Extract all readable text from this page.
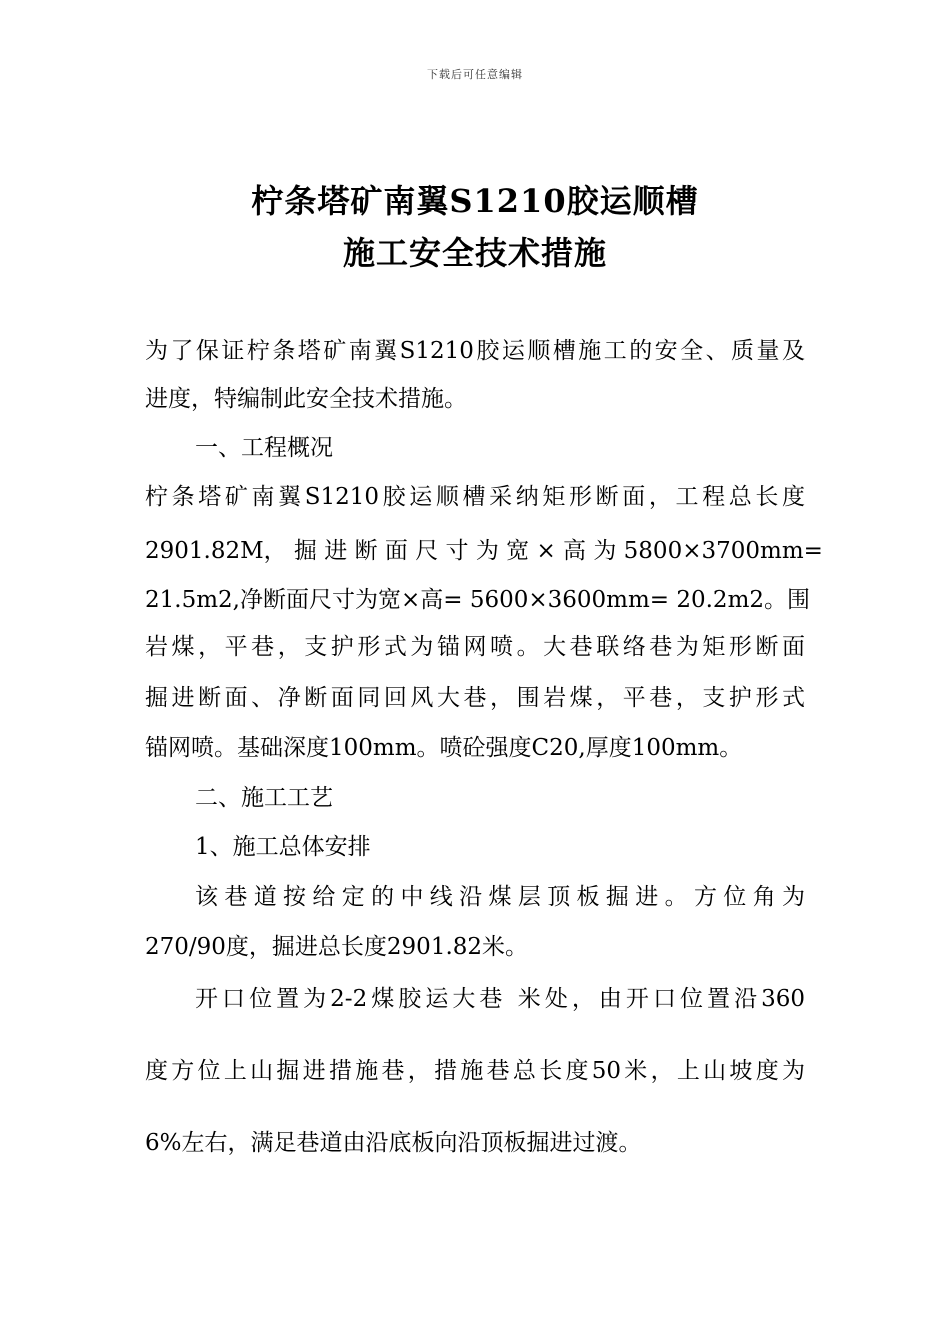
下载后可任意编辑
柠条塔矿南翼S1210胶运顺槽
施工安全技术措施
为了保证柠条塔矿南翼S1210胶运顺槽施工的安全、质量及
进度，特编制此安全技术措施。
一、工程概况
柠条塔矿南翼S1210胶运顺槽采纳矩形断面，工程总长度
2901.82M， 掘 进 断 面 尺 寸 为 宽 × 高 为 5800×3700mm=
21.5m2,净断面尺寸为宽×高= 5600×3600mm= 20.2m2。围
岩煤，平巷，支护形式为锚网喷。大巷联络巷为矩形断面
掘进断面、净断面同回风大巷，围岩煤，平巷，支护形式
锚网喷。基础深度100mm。喷砼强度C20,厚度100mm。
二、施工工艺
1、施工总体安排
该巷道按给定的中线沿煤层顶板掘进。方位角为
270/90度，掘进总长度2901.82米。
开口位置为2-2煤胶运大巷 米处，由开口位置沿360
度方位上山掘进措施巷，措施巷总长度50米，上山坡度为
6%左右，满足巷道由沿底板向沿顶板掘进过渡。
